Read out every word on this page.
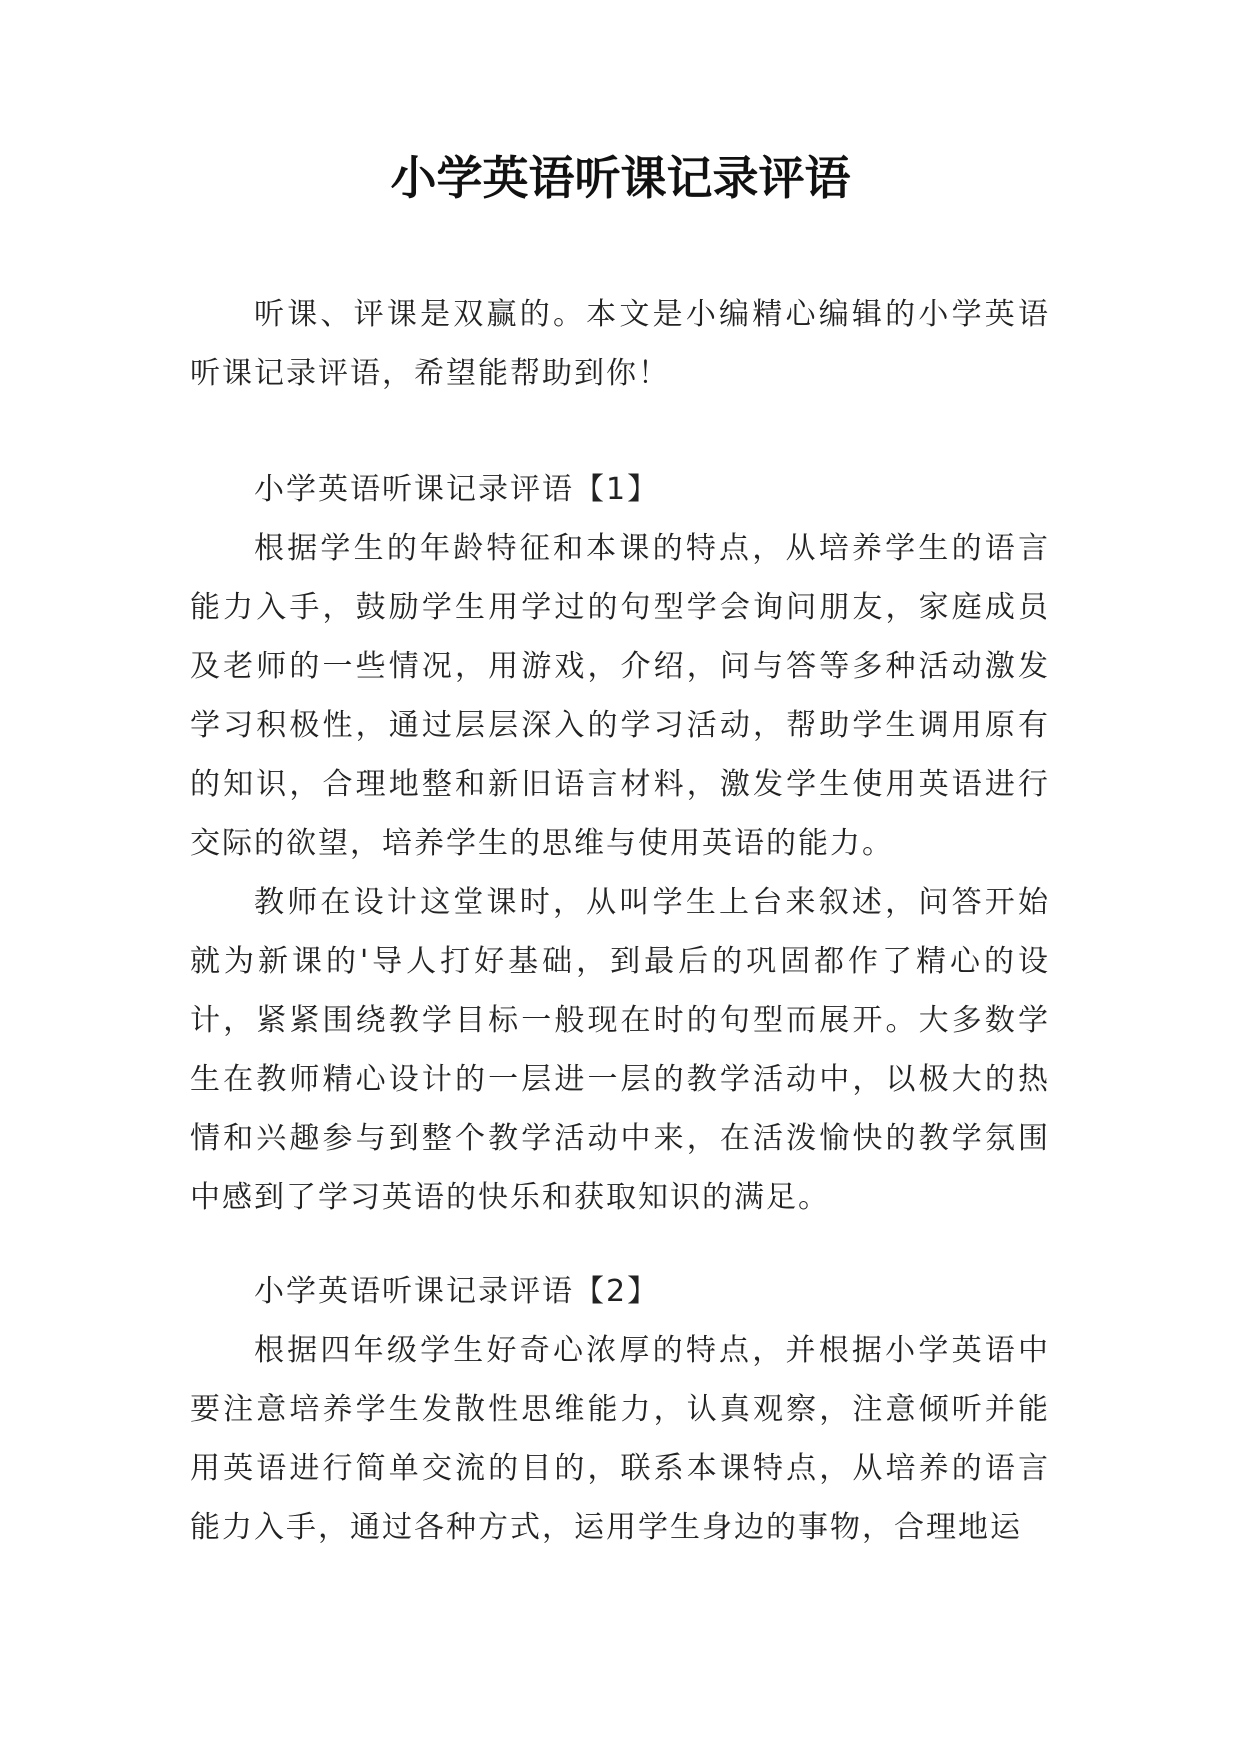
小学英语听课记录评语

听课、评课是双赢的。本文是小编精心编辑的小学英语听课记录评语，希望能帮助到你！

小学英语听课记录评语【1】

根据学生的年龄特征和本课的特点，从培养学生的语言能力入手，鼓励学生用学过的句型学会询问朋友，家庭成员及老师的一些情况，用游戏，介绍，问与答等多种活动激发学习积极性，通过层层深入的学习活动，帮助学生调用原有的知识，合理地整和新旧语言材料，激发学生使用英语进行交际的欲望，培养学生的思维与使用英语的能力。

教师在设计这堂课时，从叫学生上台来叙述，问答开始就为新课的'导人打好基础，到最后的巩固都作了精心的设计，紧紧围绕教学目标一般现在时的句型而展开。大多数学生在教师精心设计的一层进一层的教学活动中，以极大的热情和兴趣参与到整个教学活动中来，在活泼愉快的教学氛围中感到了学习英语的快乐和获取知识的满足。

小学英语听课记录评语【2】

根据四年级学生好奇心浓厚的特点，并根据小学英语中要注意培养学生发散性思维能力，认真观察，注意倾听并能用英语进行简单交流的目的，联系本课特点，从培养的语言能力入手，通过各种方式，运用学生身边的事物，合理地运
